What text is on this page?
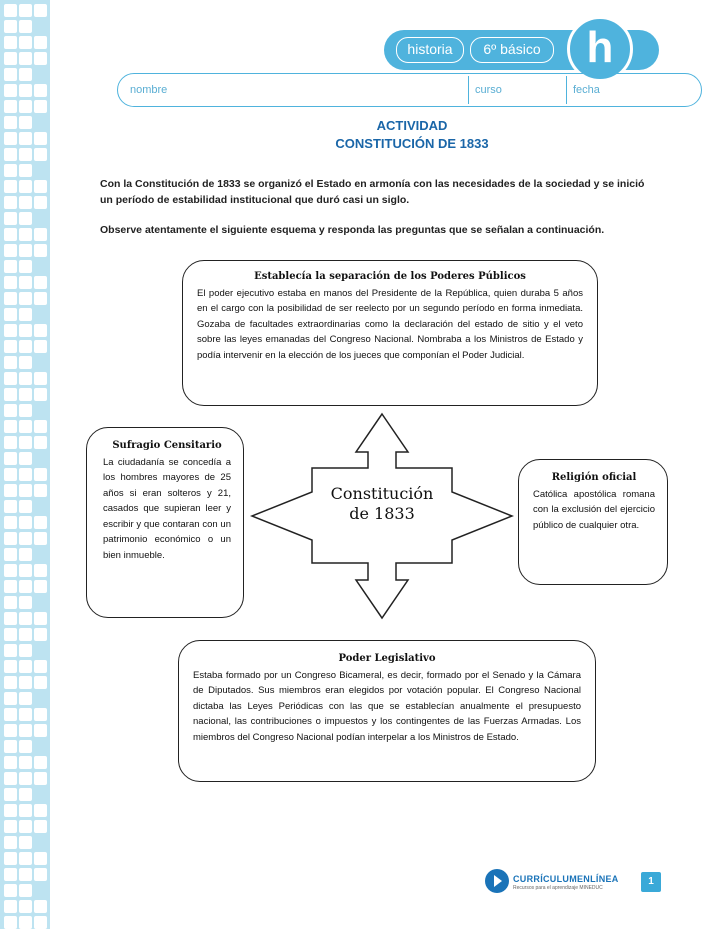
historia	6º básico	h
nombre	curso	fecha
ACTIVIDAD
CONSTITUCIÓN DE 1833

Con la Constitución de 1833 se organizó el Estado en armonía con las necesidades de la sociedad y se inició un período de estabilidad institucional que duró casi un siglo.

Observe atentamente el siguiente esquema y responda las preguntas que se señalan a continuación.

Constitución
de 1833
Establecía la separación de los Poderes Públicos
El poder ejecutivo estaba en manos del Presidente de la República, quien duraba 5 años en el cargo con la posibilidad de ser reelecto por un segundo período en forma inmediata. Gozaba de facultades extraordinarias como la declaración del estado de sitio y el veto sobre las leyes emanadas del Congreso Nacional. Nombraba a los Ministros de Estado y podía intervenir en la elección de los jueces que componían el Poder Judicial.
Sufragio Censitario
La ciudadanía se concedía a los hombres mayores de 25 años si eran solteros y 21, casados que supieran leer y escribir y que contaran con un patrimonio económico o un bien inmueble.
Religión oficial
Católica apostólica romana con la exclusión del ejercicio público de cualquier otra.
Poder Legislativo
Estaba formado por un Congreso Bicameral, es decir, formado por el Senado y la Cámara de Diputados. Sus miembros eran elegidos por votación popular. El Congreso Nacional dictaba las Leyes Periódicas con las que se establecían anualmente el presupuesto nacional, las contribuciones o impuestos y los contingentes de las Fuerzas Armadas. Los miembros del Congreso Nacional podían interpelar a los Ministros de Estado.
CURRÍCULUMENLÍNEA
Recursos para el aprendizaje MINEDUC
1
